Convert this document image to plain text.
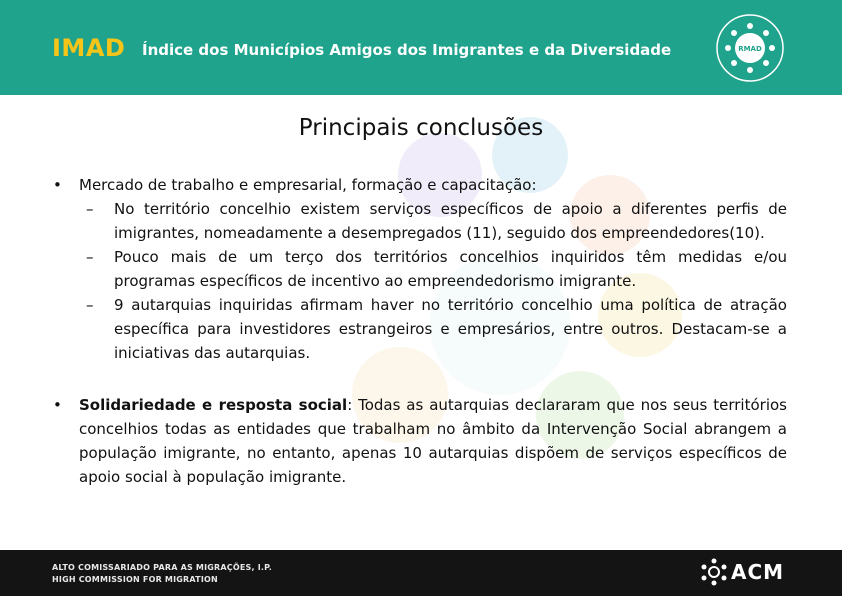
IMAD Índice dos Municípios Amigos dos Imigrantes e da Diversidade	RMAD
Principais conclusões
• Mercado de trabalho e empresarial, formação e capacitação:
– No território concelhio existem serviços específicos de apoio a diferentes perfis de imigrantes, nomeadamente a desempregados (11), seguido dos empreendedores(10).
– Pouco mais de um terço dos territórios concelhios inquiridos têm medidas e/ou programas específicos de incentivo ao empreendedorismo imigrante.
– 9 autarquias inquiridas afirmam haver no território concelhio uma política de atração específica para investidores estrangeiros e empresários, entre outros. Destacam-se a iniciativas das autarquias.
• Solidariedade e resposta social: Todas as autarquias declararam que nos seus territórios concelhios todas as entidades que trabalham no âmbito da Intervenção Social abrangem a população imigrante, no entanto, apenas 10 autarquias dispõem de serviços específicos de apoio social à população imigrante.
ALTO COMISSARIADO PARA AS MIGRAÇÕES, I.P.
HIGH COMMISSION FOR MIGRATION	ACM
